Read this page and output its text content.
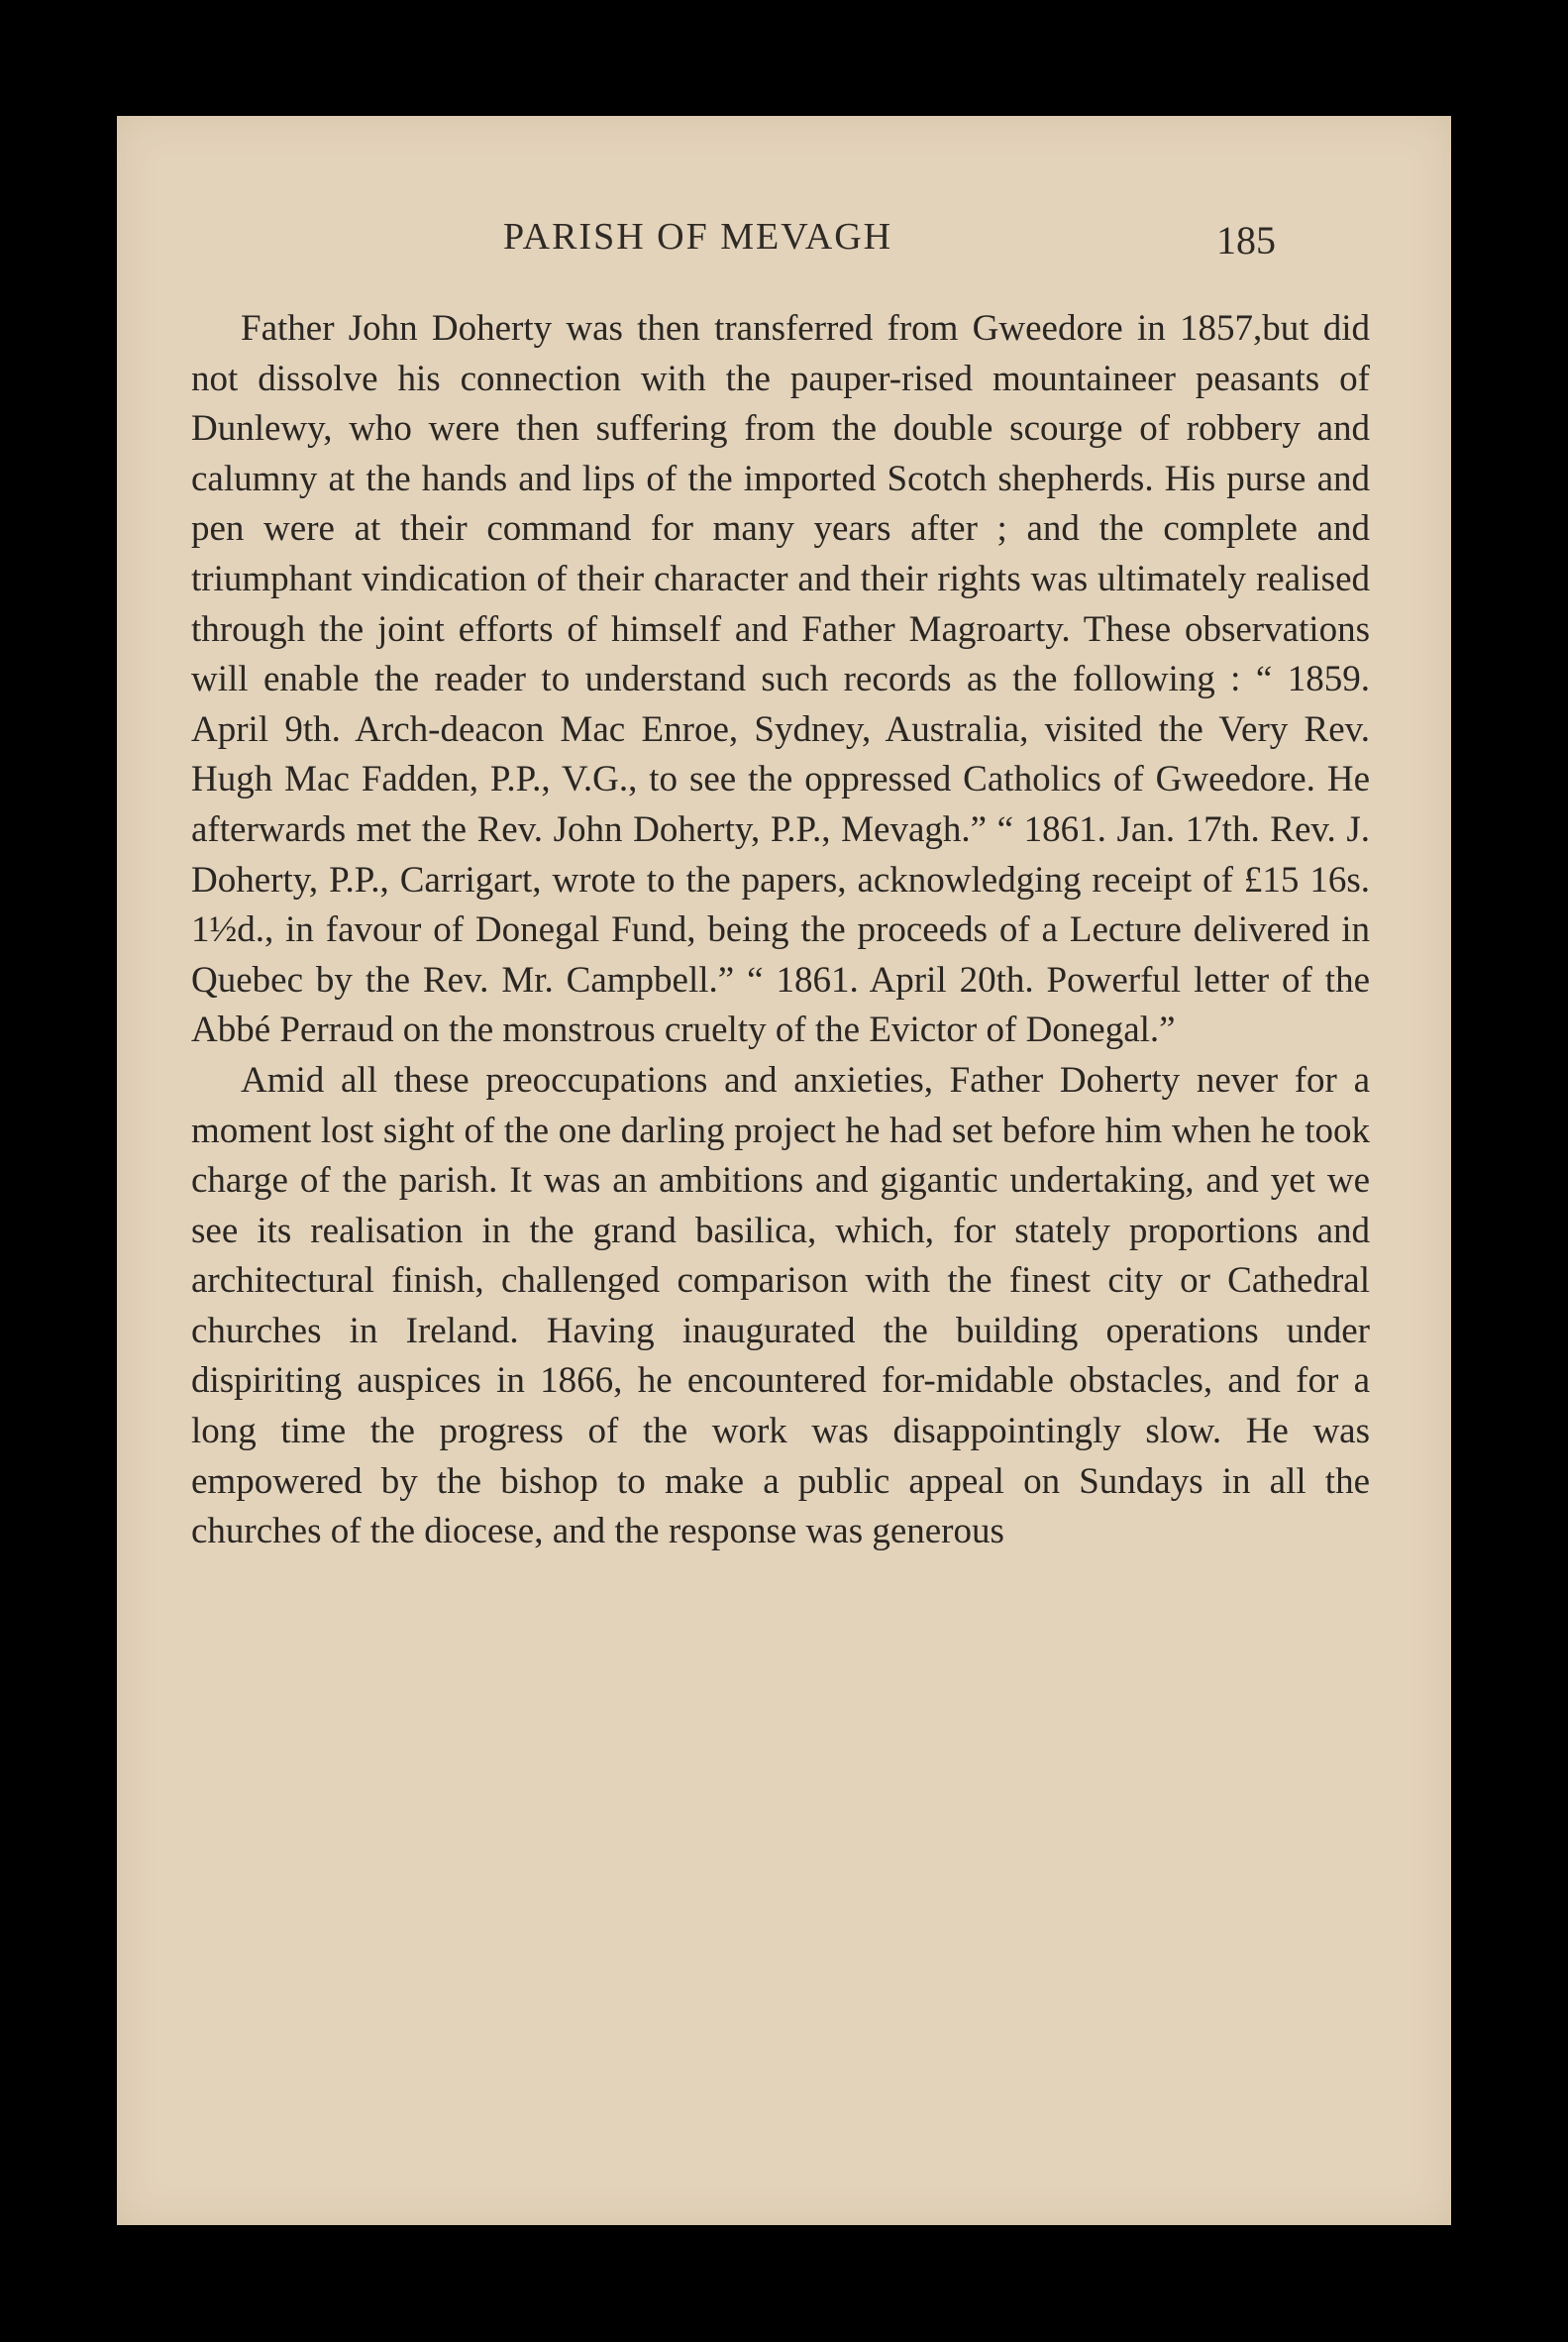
PARISH OF MEVAGH	185

Father John Doherty was then transferred from Gweedore in 1857,but did not dissolve his connection with the pauper-rised mountaineer peasants of Dunlewy, who were then suffering from the double scourge of robbery and calumny at the hands and lips of the imported Scotch shepherds. His purse and pen were at their command for many years after ; and the complete and triumphant vindication of their character and their rights was ultimately realised through the joint efforts of himself and Father Magroarty. These observations will enable the reader to understand such records as the following : “ 1859. April 9th. Arch-deacon Mac Enroe, Sydney, Australia, visited the Very Rev. Hugh Mac Fadden, P.P., V.G., to see the oppressed Catholics of Gweedore. He afterwards met the Rev. John Doherty, P.P., Mevagh.” “ 1861. Jan. 17th. Rev. J. Doherty, P.P., Carrigart, wrote to the papers, acknowledging receipt of £15 16s. 1½d., in favour of Donegal Fund, being the proceeds of a Lecture delivered in Quebec by the Rev. Mr. Campbell.” “ 1861. April 20th. Powerful letter of the Abbé Perraud on the monstrous cruelty of the Evictor of Donegal.”

Amid all these preoccupations and anxieties, Father Doherty never for a moment lost sight of the one darling project he had set before him when he took charge of the parish. It was an ambitions and gigantic undertaking, and yet we see its realisation in the grand basilica, which, for stately proportions and architectural finish, challenged comparison with the finest city or Cathedral churches in Ireland. Having inaugurated the building operations under dispiriting auspices in 1866, he encountered for-midable obstacles, and for a long time the progress of the work was disappointingly slow. He was empowered by the bishop to make a public appeal on Sundays in all the churches of the diocese, and the response was generous
